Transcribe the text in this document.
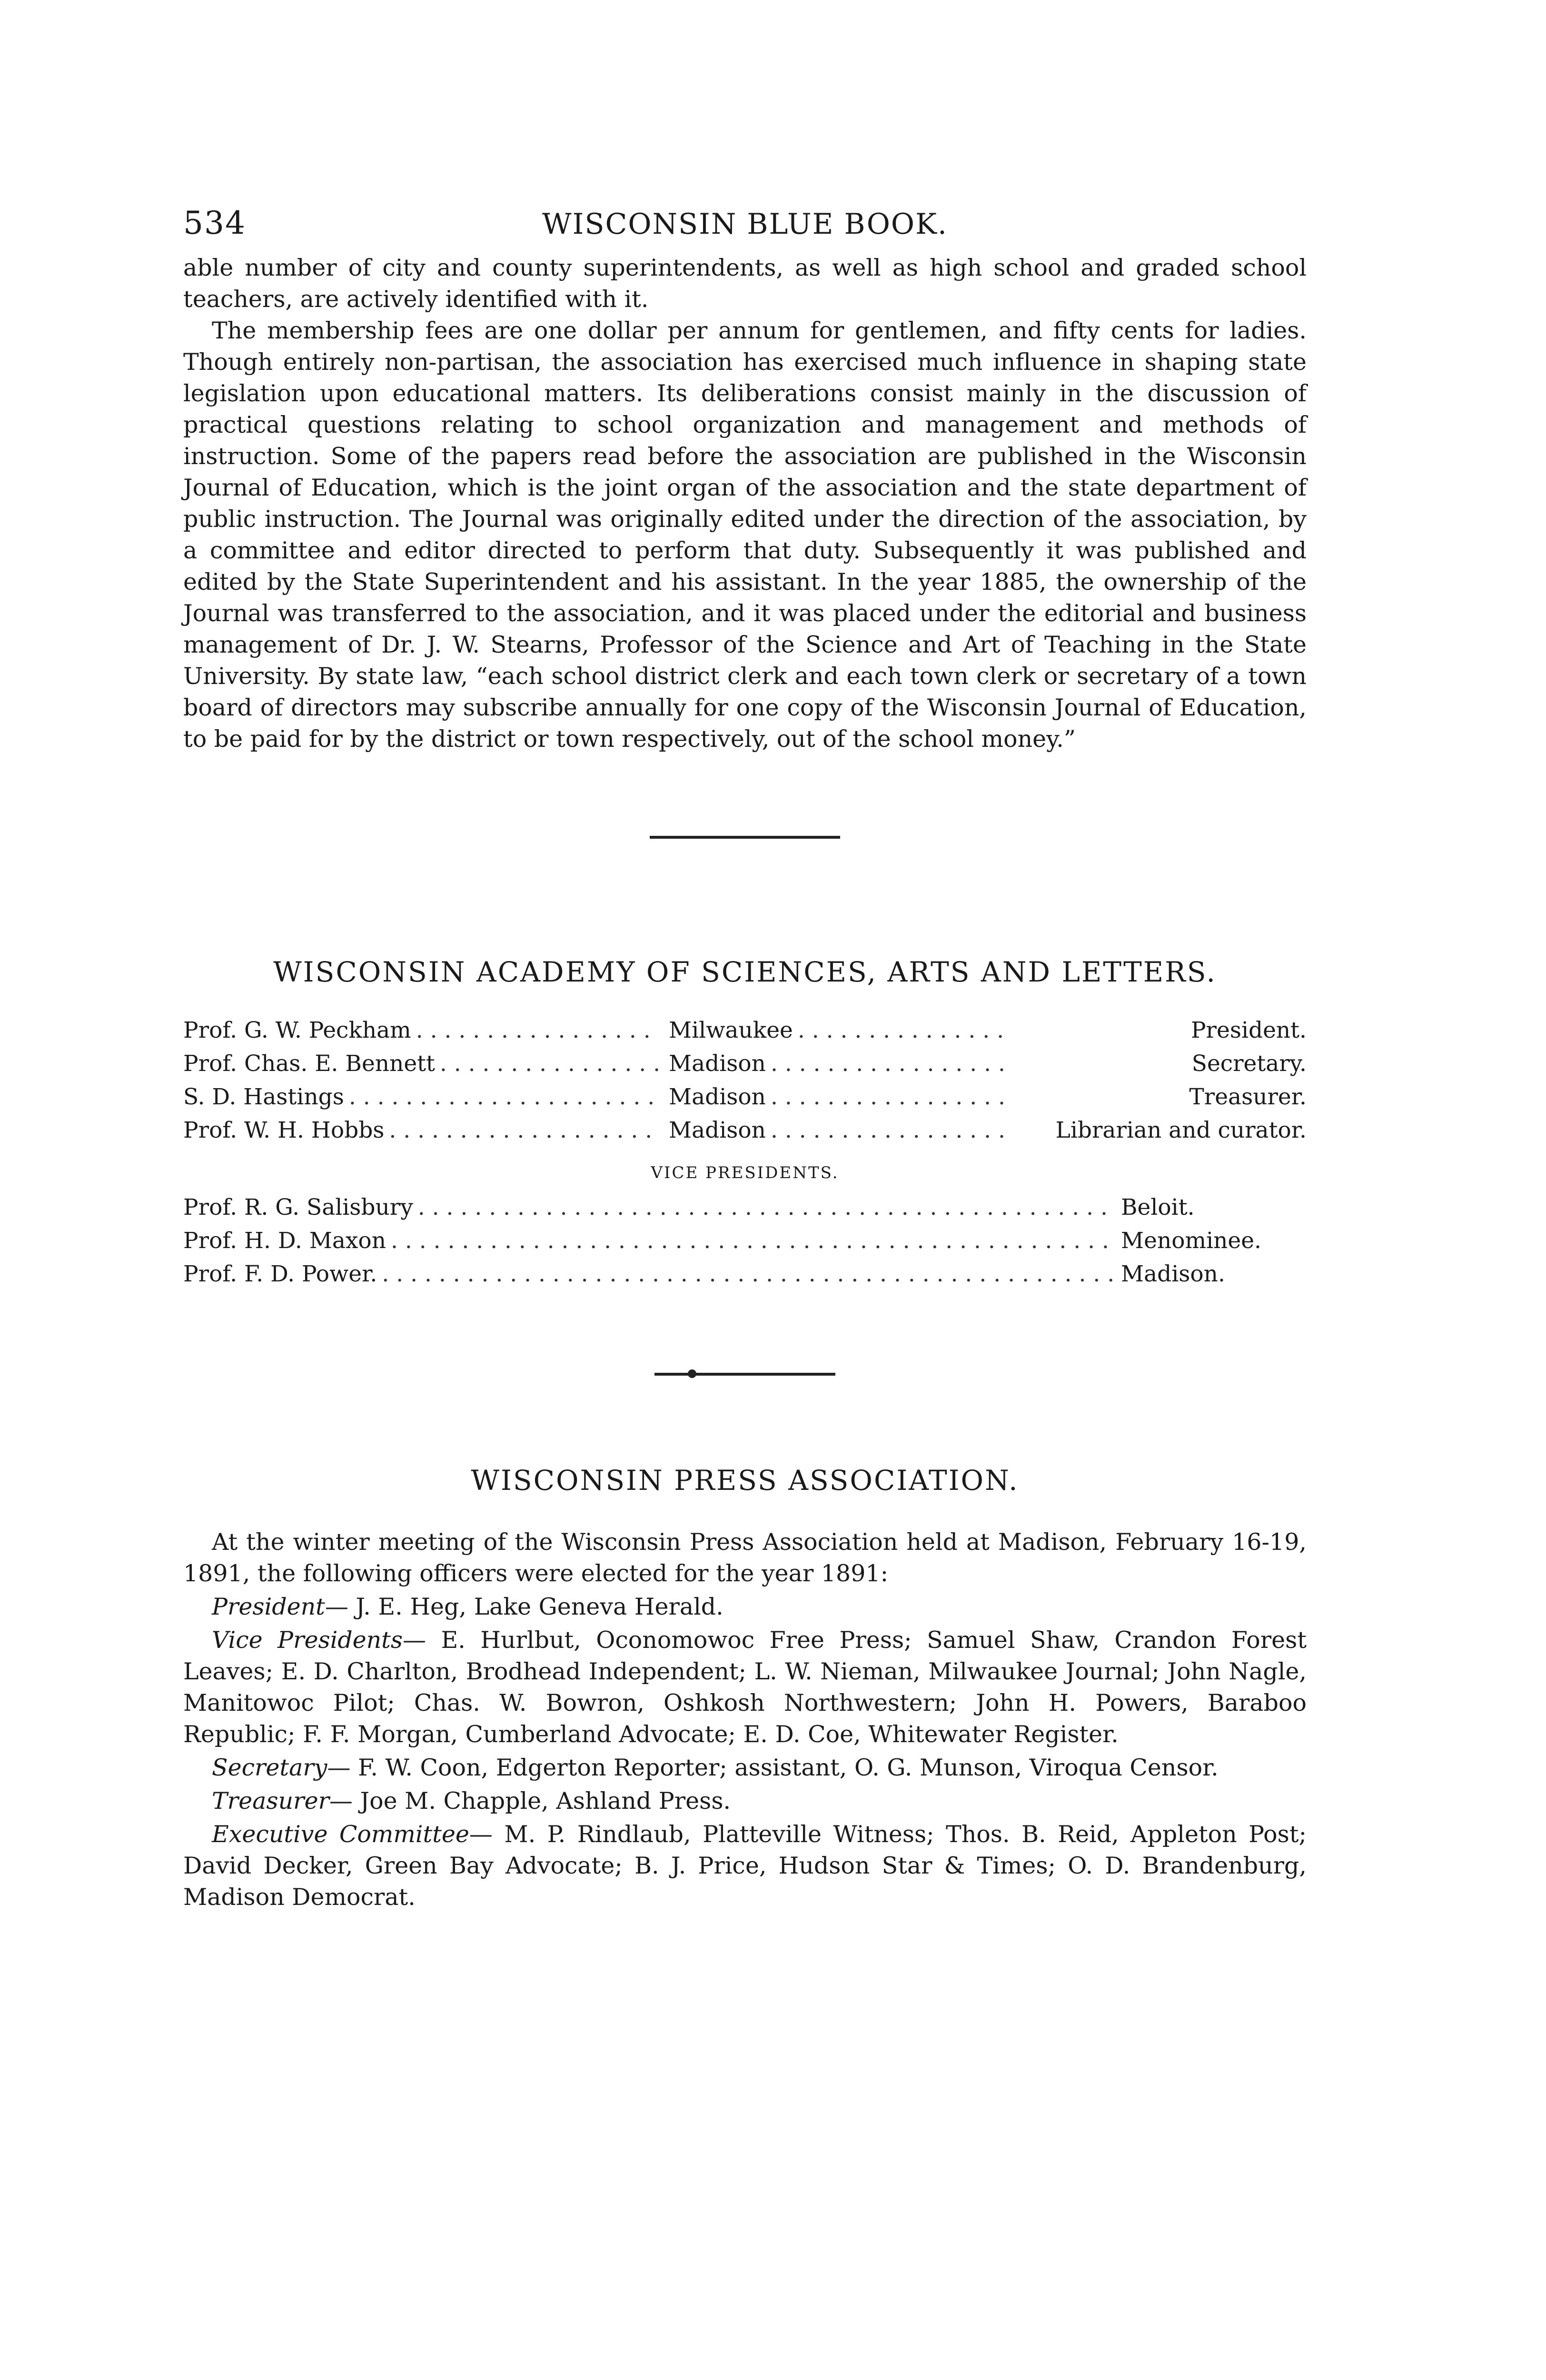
534	WISCONSIN BLUE BOOK.

able number of city and county superintendents, as well as high school and graded school teachers, are actively identified with it.

The membership fees are one dollar per annum for gentlemen, and fifty cents for ladies. Though entirely non-partisan, the association has exercised much influence in shaping state legislation upon educational matters. Its deliberations consist mainly in the discussion of practical questions relating to school organization and management and methods of instruction. Some of the papers read before the association are published in the Wisconsin Journal of Education, which is the joint organ of the association and the state department of public instruction. The Journal was originally edited under the direction of the association, by a committee and editor directed to perform that duty. Subsequently it was published and edited by the State Superintendent and his assistant. In the year 1885, the ownership of the Journal was transferred to the association, and it was placed under the editorial and business management of Dr. J. W. Stearns, Professor of the Science and Art of Teaching in the State University. By state law, “each school district clerk and each town clerk or secretary of a town board of directors may subscribe annually for one copy of the Wisconsin Journal of Education, to be paid for by the district or town respectively, out of the school money.”

WISCONSIN ACADEMY OF SCIENCES, ARTS AND LETTERS.
Prof. G. W. Peckham . . .	Milwaukee . . .	President.
Prof. Chas. E. Bennett . . .	Madison . . .	Secretary.
S. D. Hastings . . .	Madison . . .	Treasurer.
Prof. W. H. Hobbs . . .	Madison . . .	Librarian and curator.
VICE PRESIDENTS.
Prof. R. G. Salisbury . . .	Beloit.
Prof. H. D. Maxon . . .	Menominee.
Prof. F. D. Power. . . .	Madison.
WISCONSIN PRESS ASSOCIATION.

At the winter meeting of the Wisconsin Press Association held at Madison, February 16-19, 1891, the following officers were elected for the year 1891:

President— J. E. Heg, Lake Geneva Herald.

Vice Presidents— E. Hurlbut, Oconomowoc Free Press; Samuel Shaw, Crandon Forest Leaves; E. D. Charlton, Brodhead Independent; L. W. Nieman, Milwaukee Journal; John Nagle, Manitowoc Pilot; Chas. W. Bowron, Oshkosh Northwestern; John H. Powers, Baraboo Republic; F. F. Morgan, Cumberland Advocate; E. D. Coe, Whitewater Register.

Secretary— F. W. Coon, Edgerton Reporter; assistant, O. G. Munson, Viroqua Censor.

Treasurer— Joe M. Chapple, Ashland Press.

Executive Committee— M. P. Rindlaub, Platteville Witness; Thos. B. Reid, Appleton Post; David Decker, Green Bay Advocate; B. J. Price, Hudson Star & Times; O. D. Brandenburg, Madison Democrat.
